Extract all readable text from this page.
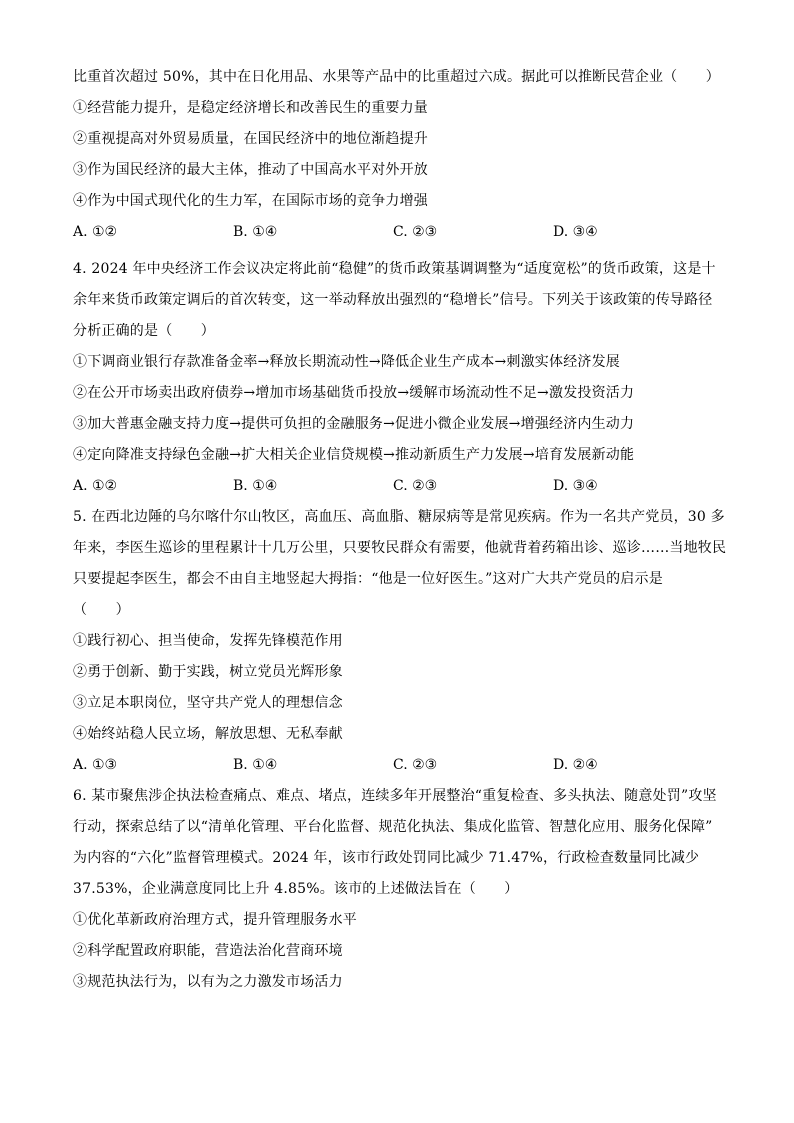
比重首次超过 50%，其中在日化用品、水果等产品中的比重超过六成。据此可以推断民营企业（　　）
①经营能力提升，是稳定经济增长和改善民生的重要力量
②重视提高对外贸易质量，在国民经济中的地位渐趋提升
③作为国民经济的最大主体，推动了中国高水平对外开放
④作为中国式现代化的生力军，在国际市场的竞争力增强
A. ①②	B. ①④	C. ②③	D. ③④
4. 2024 年中央经济工作会议决定将此前“稳健”的货币政策基调调整为“适度宽松”的货币政策，这是十
余年来货币政策定调后的首次转变，这一举动释放出强烈的“稳增长”信号。下列关于该政策的传导路径
分析正确的是（　　）
①下调商业银行存款准备金率→释放长期流动性→降低企业生产成本→刺激实体经济发展
②在公开市场卖出政府债券→增加市场基础货币投放→缓解市场流动性不足→激发投资活力
③加大普惠金融支持力度→提供可负担的金融服务→促进小微企业发展→增强经济内生动力
④定向降准支持绿色金融→扩大相关企业信贷规模→推动新质生产力发展→培育发展新动能
A. ①②	B. ①④	C. ②③	D. ③④
5. 在西北边陲的乌尔喀什尔山牧区，高血压、高血脂、糖尿病等是常见疾病。作为一名共产党员，30 多
年来，李医生巡诊的里程累计十几万公里，只要牧民群众有需要，他就背着药箱出诊、巡诊……当地牧民
只要提起李医生，都会不由自主地竖起大拇指：“他是一位好医生。”这对广大共产党员的启示是
（　　）
①践行初心、担当使命，发挥先锋模范作用
②勇于创新、勤于实践，树立党员光辉形象
③立足本职岗位，坚守共产党人的理想信念
④始终站稳人民立场，解放思想、无私奉献
A. ①③	B. ①④	C. ②③	D. ②④
6. 某市聚焦涉企执法检查痛点、难点、堵点，连续多年开展整治“重复检查、多头执法、随意处罚”攻坚
行动，探索总结了以“清单化管理、平台化监督、规范化执法、集成化监管、智慧化应用、服务化保障”
为内容的“六化”监督管理模式。2024 年，该市行政处罚同比减少 71.47%，行政检查数量同比减少
37.53%，企业满意度同比上升 4.85%。该市的上述做法旨在（　　）
①优化革新政府治理方式，提升管理服务水平
②科学配置政府职能，营造法治化营商环境
③规范执法行为，以有为之力激发市场活力
